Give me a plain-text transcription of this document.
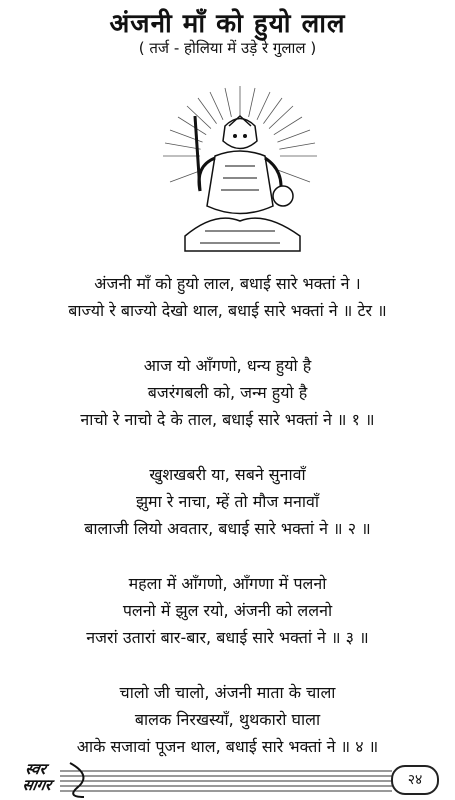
अंजनी माँ को हुयो लाल
( तर्ज - होलिया में उड़े रे गुलाल )
अंजनी माँ को हुयो लाल, बधाई सारे भक्तां ने ।
बाज्यो रे बाज्यो देखो थाल, बधाई सारे भक्तां ने ॥ टेर ॥
आज यो आँगणो, धन्य हुयो है
बजरंगबली को, जन्म हुयो है
नाचो रे नाचो दे के ताल, बधाई सारे भक्तां ने ॥ १ ॥
खुशखबरी या, सबने सुनावाँ
झुमा रे नाचा, म्हें तो मौज मनावाँ
बालाजी लियो अवतार, बधाई सारे भक्तां ने ॥ २ ॥
महला में आँगणो, आँगणा में पलनो
पलनो में झुल रयो, अंजनी को ललनो
नजरां उतारां बार-बार, बधाई सारे भक्तां ने ॥ ३ ॥
चालो जी चालो, अंजनी माता के चाला
बालक निरखस्याँ, थुथकारो घाला
आके सजावां पूजन थाल, बधाई सारे भक्तां ने ॥ ४ ॥
स्वर
सागर	२४
